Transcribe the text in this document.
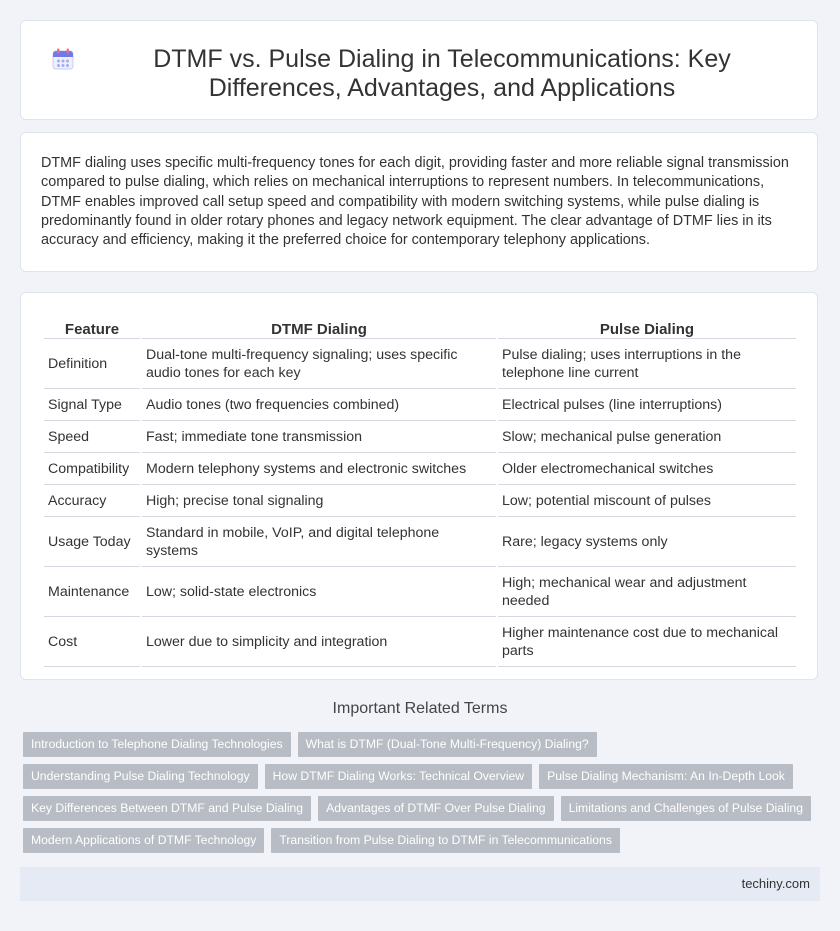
DTMF vs. Pulse Dialing in Telecommunications: Key Differences, Advantages, and Applications

DTMF dialing uses specific multi-frequency tones for each digit, providing faster and more reliable signal transmission compared to pulse dialing, which relies on mechanical interruptions to represent numbers. In telecommunications, DTMF enables improved call setup speed and compatibility with modern switching systems, while pulse dialing is predominantly found in older rotary phones and legacy network equipment. The clear advantage of DTMF lies in its accuracy and efficiency, making it the preferred choice for contemporary telephony applications.

Feature	DTMF Dialing	Pulse Dialing
Definition	Dual-tone multi-frequency signaling; uses specific audio tones for each key	Pulse dialing; uses interruptions in the telephone line current
Signal Type	Audio tones (two frequencies combined)	Electrical pulses (line interruptions)
Speed	Fast; immediate tone transmission	Slow; mechanical pulse generation
Compatibility	Modern telephony systems and electronic switches	Older electromechanical switches
Accuracy	High; precise tonal signaling	Low; potential miscount of pulses
Usage Today	Standard in mobile, VoIP, and digital telephone systems	Rare; legacy systems only
Maintenance	Low; solid-state electronics	High; mechanical wear and adjustment needed
Cost	Lower due to simplicity and integration	Higher maintenance cost due to mechanical parts
Important Related Terms
Introduction to Telephone Dialing Technologies	What is DTMF (Dual-Tone Multi-Frequency) Dialing?
Understanding Pulse Dialing Technology	How DTMF Dialing Works: Technical Overview	Pulse Dialing Mechanism: An In-Depth Look
Key Differences Between DTMF and Pulse Dialing	Advantages of DTMF Over Pulse Dialing	Limitations and Challenges of Pulse Dialing
Modern Applications of DTMF Technology	Transition from Pulse Dialing to DTMF in Telecommunications
techiny.com
